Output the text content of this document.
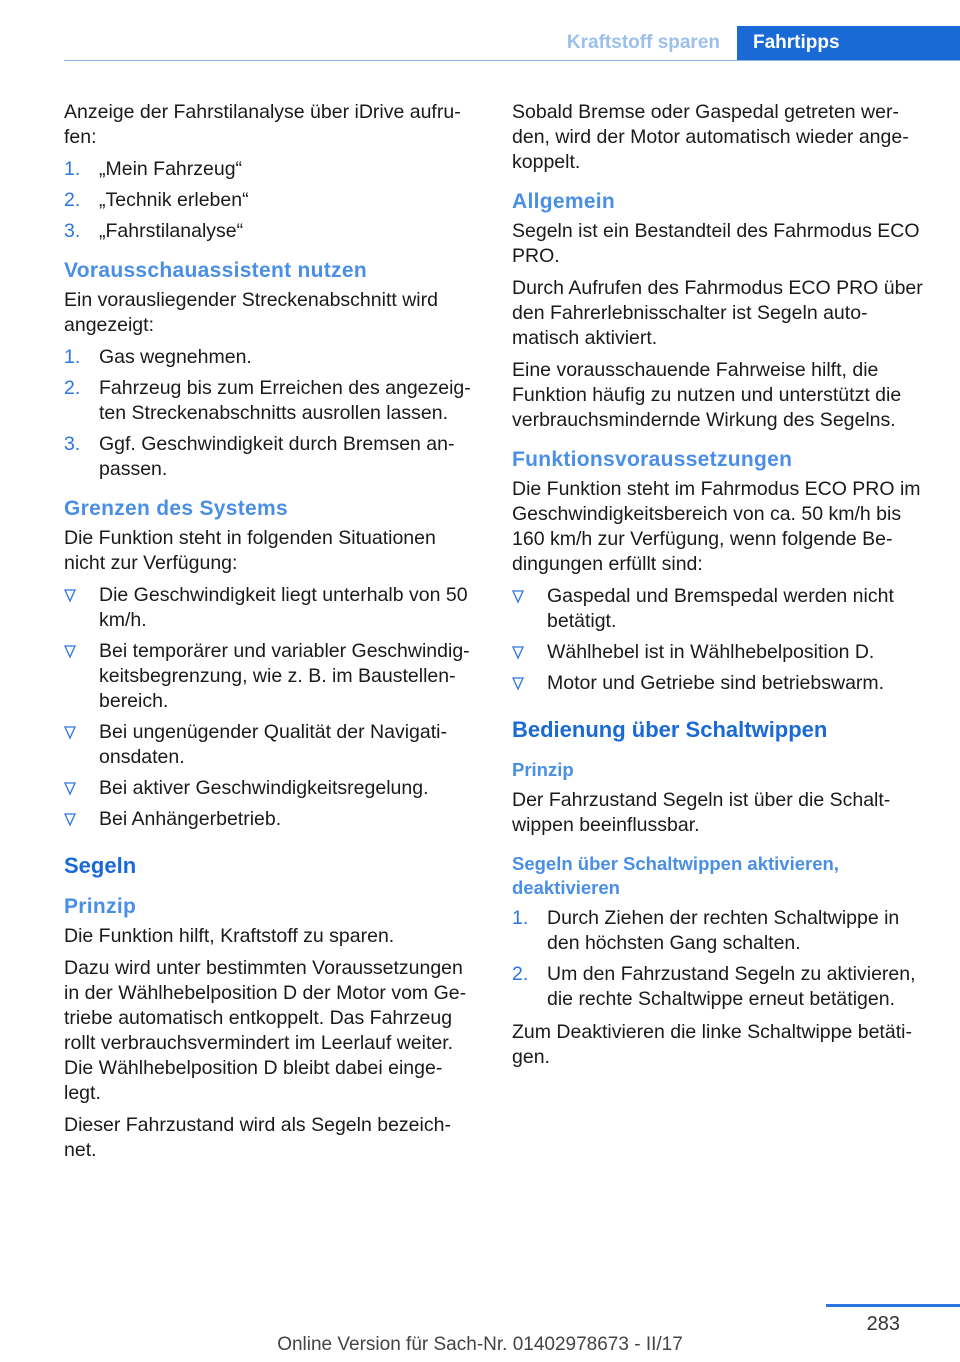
Kraftstoff sparen	Fahrtipps

Anzeige der Fahrstilanalyse über iDrive aufru‐ fen:

1. „Mein Fahrzeug“
2. „Technik erleben“
3. „Fahrstilanalyse“
Vorausschauassistent nutzen

Ein vorausliegender Streckenabschnitt wird angezeigt:

1. Gas wegnehmen.
2. Fahrzeug bis zum Erreichen des angezeig‐ ten Streckenabschnitts ausrollen lassen.
3. Ggf. Geschwindigkeit durch Bremsen an‐ passen.
Grenzen des Systems

Die Funktion steht in folgenden Situationen nicht zur Verfügung:

Die Geschwindigkeit liegt unterhalb von 50 km/h.
Bei temporärer und variabler Geschwindig‐ keitsbegrenzung, wie z. B. im Baustellen‐ bereich.
Bei ungenügender Qualität der Navigati‐ onsdaten.
Bei aktiver Geschwindigkeitsregelung.
Bei Anhängerbetrieb.
Segeln
Prinzip

Die Funktion hilft, Kraftstoff zu sparen.

Dazu wird unter bestimmten Voraussetzungen in der Wählhebelposition D der Motor vom Ge‐ triebe automatisch entkoppelt. Das Fahrzeug rollt verbrauchsvermindert im Leerlauf weiter. Die Wählhebelposition D bleibt dabei einge‐ legt.

Dieser Fahrzustand wird als Segeln bezeich‐ net.

Sobald Bremse oder Gaspedal getreten wer‐ den, wird der Motor automatisch wieder ange‐ koppelt.

Allgemein

Segeln ist ein Bestandteil des Fahrmodus ECO PRO.

Durch Aufrufen des Fahrmodus ECO PRO über den Fahrerlebnisschalter ist Segeln auto‐ matisch aktiviert.

Eine vorausschauende Fahrweise hilft, die Funktion häufig zu nutzen und unterstützt die verbrauchsmindernde Wirkung des Segelns.

Funktionsvoraussetzungen

Die Funktion steht im Fahrmodus ECO PRO im Geschwindigkeitsbereich von ca. 50 km/h bis 160 km/h zur Verfügung, wenn folgende Be‐ dingungen erfüllt sind:

Gaspedal und Bremspedal werden nicht betätigt.
Wählhebel ist in Wählhebelposition D.
Motor und Getriebe sind betriebswarm.
Bedienung über Schaltwippen
Prinzip

Der Fahrzustand Segeln ist über die Schalt‐ wippen beeinflussbar.

Segeln über Schaltwippen aktivieren, deaktivieren
1. Durch Ziehen der rechten Schaltwippe in den höchsten Gang schalten.
2. Um den Fahrzustand Segeln zu aktivieren, die rechte Schaltwippe erneut betätigen.

Zum Deaktivieren die linke Schaltwippe betäti‐ gen.

283
Online Version für Sach-Nr. 01402978673 - II/17
